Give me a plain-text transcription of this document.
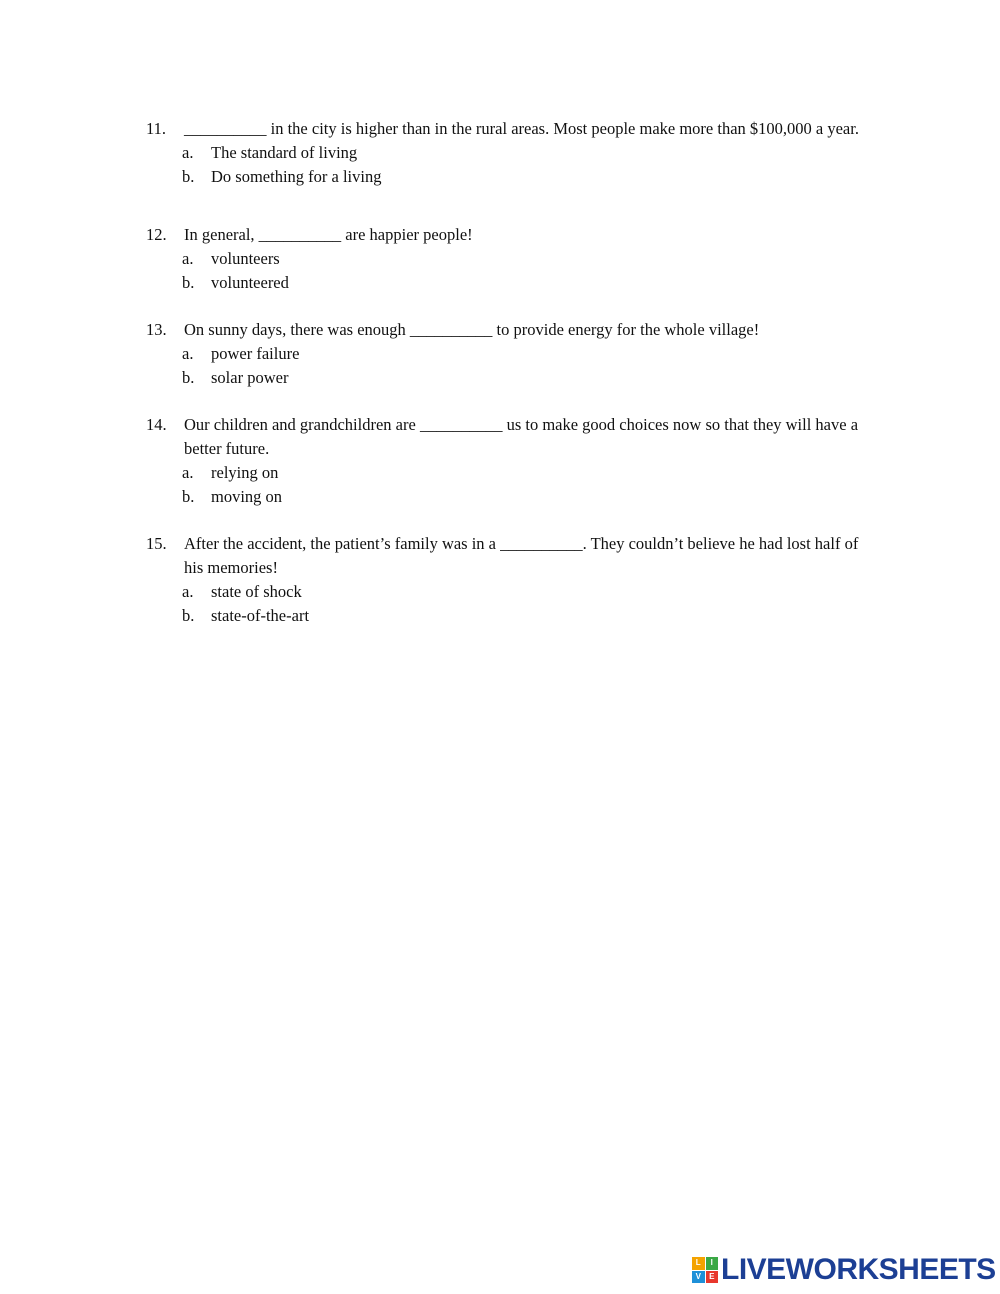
11. __________ in the city is higher than in the rural areas. Most people make more than $100,000 a year.
a. The standard of living
b. Do something for a living
12. In general, __________ are happier people!
a. volunteers
b. volunteered
13. On sunny days, there was enough __________ to provide energy for the whole village!
a. power failure
b. solar power
14. Our children and grandchildren are __________ us to make good choices now so that they will have a better future.
a. relying on
b. moving on
15. After the accident, the patient’s family was in a __________. They couldn’t believe he had lost half of his memories!
a. state of shock
b. state-of-the-art
L	I
V	E LIVEWORKSHEETS
